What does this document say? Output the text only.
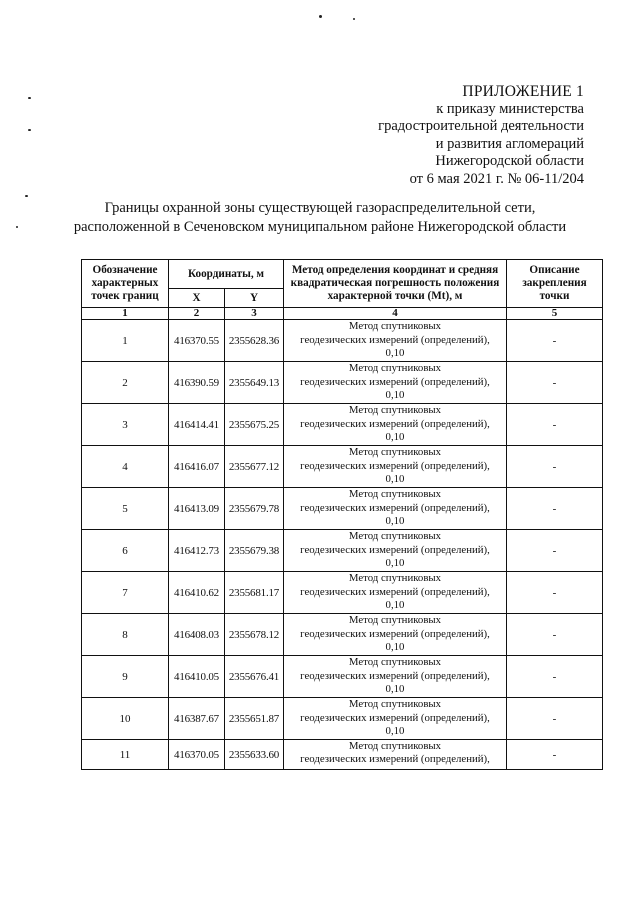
ПРИЛОЖЕНИЕ 1
к приказу министерства
градостроительной деятельности
и развития агломераций
Нижегородской области
от 6 мая 2021 г. № 06-11/204
Границы охранной зоны существующей газораспределительной сети,
расположенной в Сеченовском муниципальном районе Нижегородской области
Обозначение характерных точек границ	Координаты, м		Метод определения координат и средняя квадратическая погрешность положения характерной точки (Mt), м	Описание закрепления точки
	X	Y		
1	2	3	4	5
1	416370.55	2355628.36	Метод спутниковых
геодезических измерений (определений),
0,10	-
2	416390.59	2355649.13	Метод спутниковых
геодезических измерений (определений),
0,10	-
3	416414.41	2355675.25	Метод спутниковых
геодезических измерений (определений),
0,10	-
4	416416.07	2355677.12	Метод спутниковых
геодезических измерений (определений),
0,10	-
5	416413.09	2355679.78	Метод спутниковых
геодезических измерений (определений),
0,10	-
6	416412.73	2355679.38	Метод спутниковых
геодезических измерений (определений),
0,10	-
7	416410.62	2355681.17	Метод спутниковых
геодезических измерений (определений),
0,10	-
8	416408.03	2355678.12	Метод спутниковых
геодезических измерений (определений),
0,10	-
9	416410.05	2355676.41	Метод спутниковых
геодезических измерений (определений),
0,10	-
10	416387.67	2355651.87	Метод спутниковых
геодезических измерений (определений),
0,10	-
11	416370.05	2355633.60	Метод спутниковых
геодезических измерений (определений),	-
